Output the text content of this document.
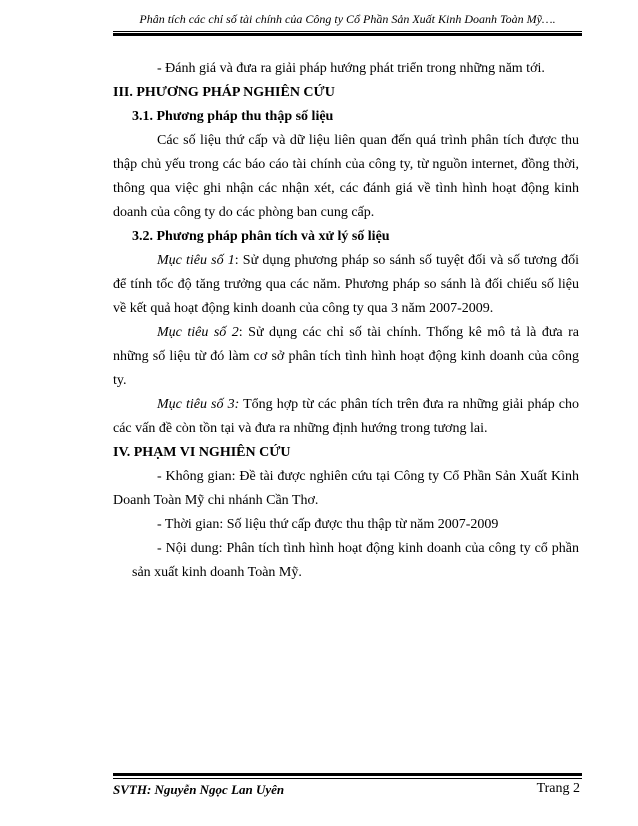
Phân tích các chỉ số tài chính của Công ty Cổ Phần Sản Xuất Kinh Doanh Toàn Mỹ….

- Đánh giá và đưa ra giải pháp hướng phát triển trong những năm tới.

III. PHƯƠNG PHÁP NGHIÊN CỨU

3.1. Phương pháp thu thập số liệu

Các số liệu thứ cấp và dữ liệu liên quan đến quá trình phân tích được thu thập chủ yếu trong các báo cáo tài chính của công ty, từ nguồn internet, đồng thời, thông qua việc ghi nhận các nhận xét, các đánh giá về tình hình hoạt động kinh doanh của công ty do các phòng ban cung cấp.

3.2. Phương pháp phân tích và xử lý số liệu

Mục tiêu số 1: Sử dụng phương pháp so sánh số tuyệt đối và số tương đối để tính tốc độ tăng trưởng qua các năm. Phương pháp so sánh là đối chiếu số liệu về kết quả hoạt động kinh doanh của công ty qua 3 năm 2007-2009.

Mục tiêu số 2: Sử dụng các chỉ số tài chính. Thống kê mô tả là đưa ra những số liệu từ đó làm cơ sở phân tích tình hình hoạt động kinh doanh của công ty.

Mục tiêu số 3: Tổng hợp từ các phân tích trên đưa ra những giải pháp cho các vấn đề còn tồn tại và đưa ra những định hướng trong tương lai.

IV. PHẠM VI NGHIÊN CỨU

- Không gian: Đề tài được nghiên cứu tại Công ty Cổ Phần Sản Xuất Kinh Doanh Toàn Mỹ chi nhánh Cần Thơ.

- Thời gian: Số liệu thứ cấp được thu thập từ năm 2007-2009

- Nội dung: Phân tích tình hình hoạt động kinh doanh của công ty cổ phần sản xuất kinh doanh Toàn Mỹ.

SVTH: Nguyễn Ngọc Lan Uyên	Trang 2
